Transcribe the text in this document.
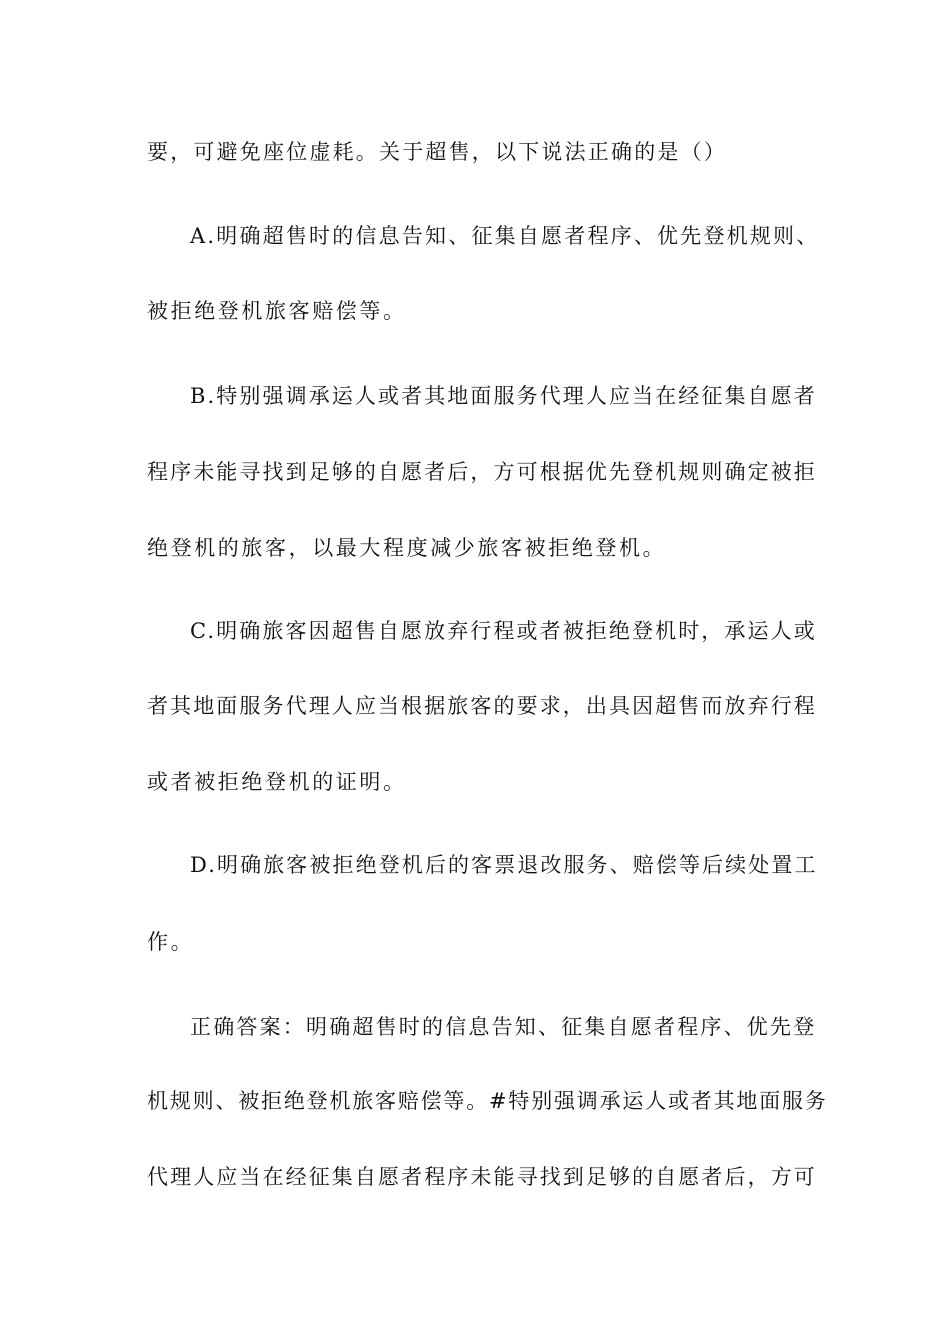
要，可避免座位虚耗。关于超售，以下说法正确的是（）
A.明确超售时的信息告知、征集自愿者程序、优先登机规则、
被拒绝登机旅客赔偿等。
B.特别强调承运人或者其地面服务代理人应当在经征集自愿者
程序未能寻找到足够的自愿者后，方可根据优先登机规则确定被拒
绝登机的旅客，以最大程度减少旅客被拒绝登机。
C.明确旅客因超售自愿放弃行程或者被拒绝登机时，承运人或
者其地面服务代理人应当根据旅客的要求，出具因超售而放弃行程
或者被拒绝登机的证明。
D.明确旅客被拒绝登机后的客票退改服务、赔偿等后续处置工
作。
正确答案：明确超售时的信息告知、征集自愿者程序、优先登
机规则、被拒绝登机旅客赔偿等。#特别强调承运人或者其地面服务
代理人应当在经征集自愿者程序未能寻找到足够的自愿者后，方可
